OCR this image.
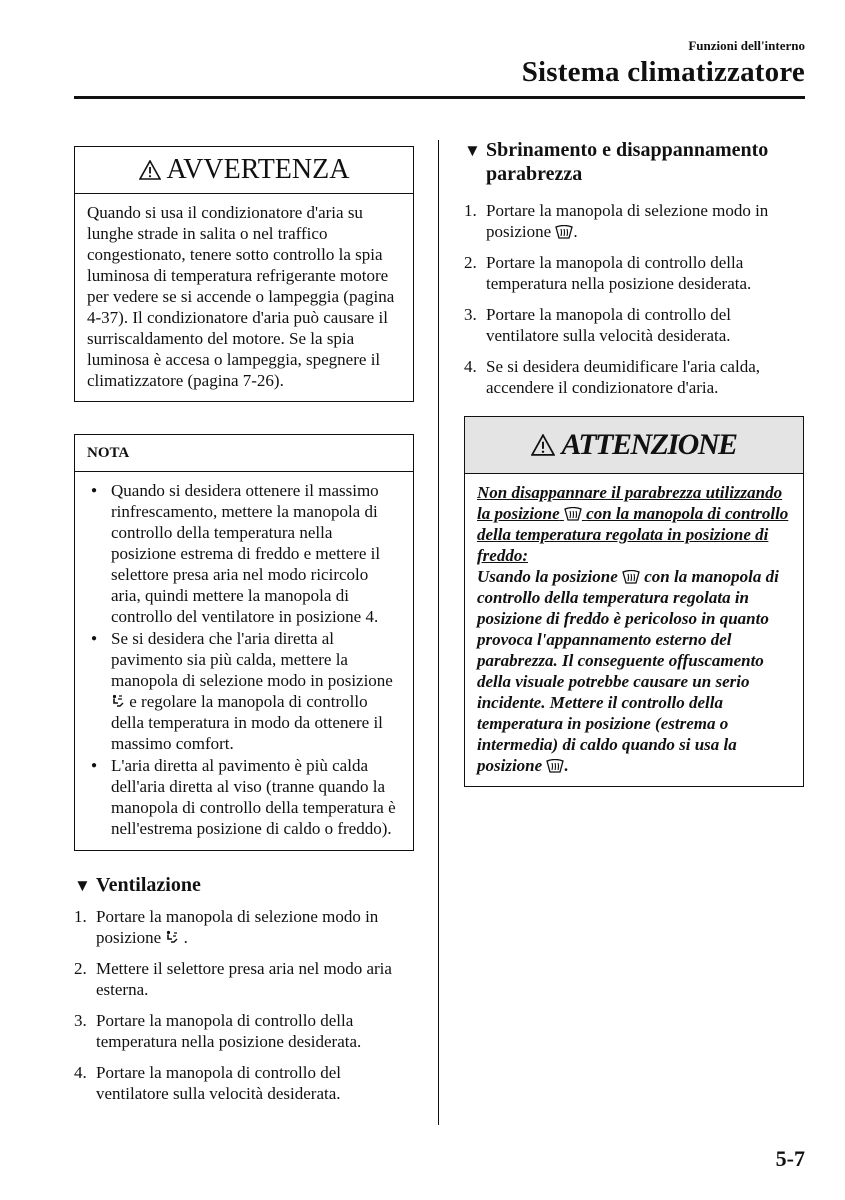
Funzioni dell'interno
Sistema climatizzatore
AVVERTENZA
Quando si usa il condizionatore d'aria su lunghe strade in salita o nel traffico congestionato, tenere sotto controllo la spia luminosa di temperatura refrigerante motore per vedere se si accende o lampeggia (pagina 4-37). Il condizionatore d'aria può causare il surriscaldamento del motore. Se la spia luminosa è accesa o lampeggia, spegnere il climatizzatore (pagina 7-26).
NOTA
● Quando si desidera ottenere il massimo rinfrescamento, mettere la manopola di controllo della temperatura nella posizione estrema di freddo e mettere il selettore presa aria nel modo ricircolo aria, quindi mettere la manopola di controllo del ventilatore in posizione 4.
● Se si desidera che l'aria diretta al pavimento sia più calda, mettere la manopola di selezione modo in posizione  e regolare la manopola di controllo della temperatura in modo da ottenere il massimo comfort.
● L'aria diretta al pavimento è più calda dell'aria diretta al viso (tranne quando la manopola di controllo della temperatura è nell'estrema posizione di caldo o freddo).
▼ Ventilazione
1. Portare la manopola di selezione modo in posizione  .
2. Mettere il selettore presa aria nel modo aria esterna.
3. Portare la manopola di controllo della temperatura nella posizione desiderata.
4. Portare la manopola di controllo del ventilatore sulla velocità desiderata.
▼ Sbrinamento e disappannamento parabrezza
1. Portare la manopola di selezione modo in posizione .
2. Portare la manopola di controllo della temperatura nella posizione desiderata.
3. Portare la manopola di controllo del ventilatore sulla velocità desiderata.
4. Se si desidera deumidificare l'aria calda, accendere il condizionatore d'aria.
ATTENZIONE
Non disappannare il parabrezza utilizzando la posizione con la manopola di controllo della temperatura regolata in posizione di freddo:
Usando la posizione con la manopola di controllo della temperatura regolata in posizione di freddo è pericoloso in quanto provoca l'appannamento esterno del parabrezza. Il conseguente offuscamento della visuale potrebbe causare un serio incidente. Mettere il controllo della temperatura in posizione (estrema o intermedia) di caldo quando si usa la posizione .
5-7
